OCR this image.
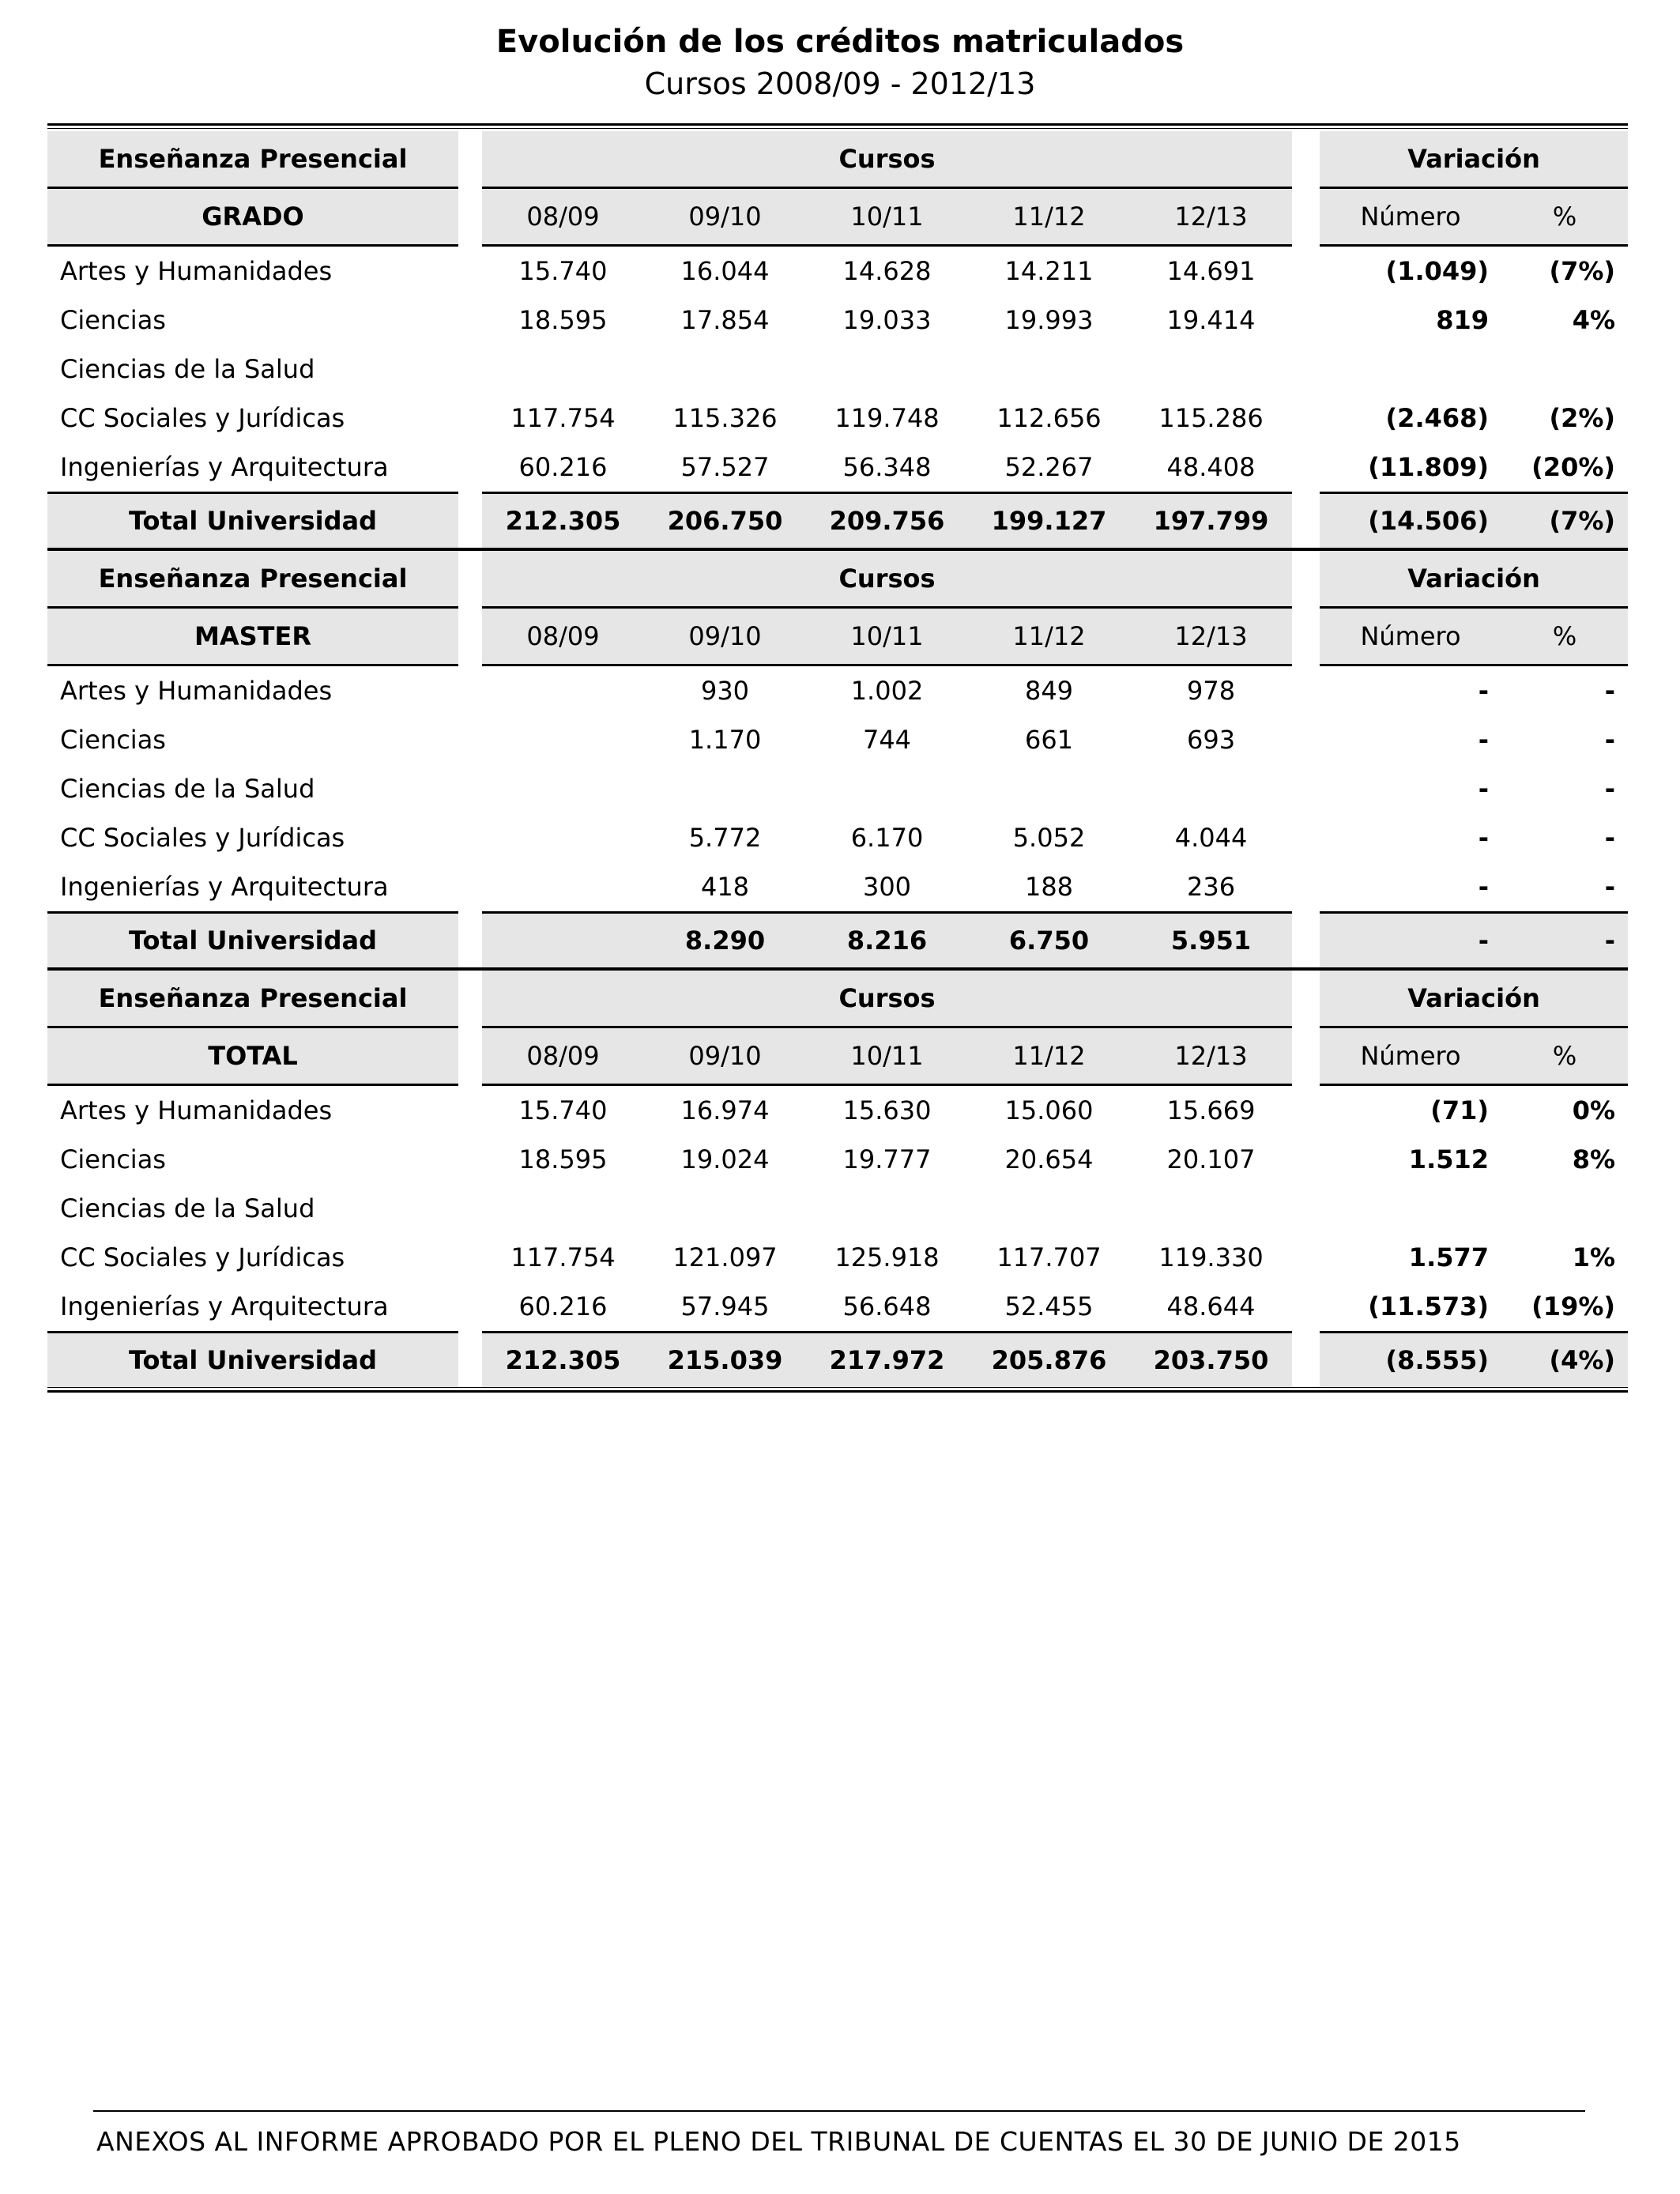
Evolución de los créditos matriculados
Cursos 2008/09 - 2012/13
Enseñanza Presencial		Cursos						Variación	
GRADO		08/09	09/10	10/11	11/12	12/13		Número	%
Artes y Humanidades		15.740	16.044	14.628	14.211	14.691		(1.049)	(7%)
Ciencias		18.595	17.854	19.033	19.993	19.414		819	4%
Ciencias de la Salud									
CC Sociales y Jurídicas		117.754	115.326	119.748	112.656	115.286		(2.468)	(2%)
Ingenierías y Arquitectura		60.216	57.527	56.348	52.267	48.408		(11.809)	(20%)
Total Universidad		212.305	206.750	209.756	199.127	197.799		(14.506)	(7%)
Enseñanza Presencial		Cursos						Variación	
MASTER		08/09	09/10	10/11	11/12	12/13		Número	%
Artes y Humanidades			930	1.002	849	978		-	-
Ciencias			1.170	744	661	693		-	-
Ciencias de la Salud								-	-
CC Sociales y Jurídicas			5.772	6.170	5.052	4.044		-	-
Ingenierías y Arquitectura			418	300	188	236		-	-
Total Universidad			8.290	8.216	6.750	5.951		-	-
Enseñanza Presencial		Cursos						Variación	
TOTAL		08/09	09/10	10/11	11/12	12/13		Número	%
Artes y Humanidades		15.740	16.974	15.630	15.060	15.669		(71)	0%
Ciencias		18.595	19.024	19.777	20.654	20.107		1.512	8%
Ciencias de la Salud									
CC Sociales y Jurídicas		117.754	121.097	125.918	117.707	119.330		1.577	1%
Ingenierías y Arquitectura		60.216	57.945	56.648	52.455	48.644		(11.573)	(19%)
Total Universidad		212.305	215.039	217.972	205.876	203.750		(8.555)	(4%)
ANEXOS AL INFORME APROBADO POR EL PLENO DEL TRIBUNAL DE CUENTAS EL 30 DE JUNIO DE 2015
